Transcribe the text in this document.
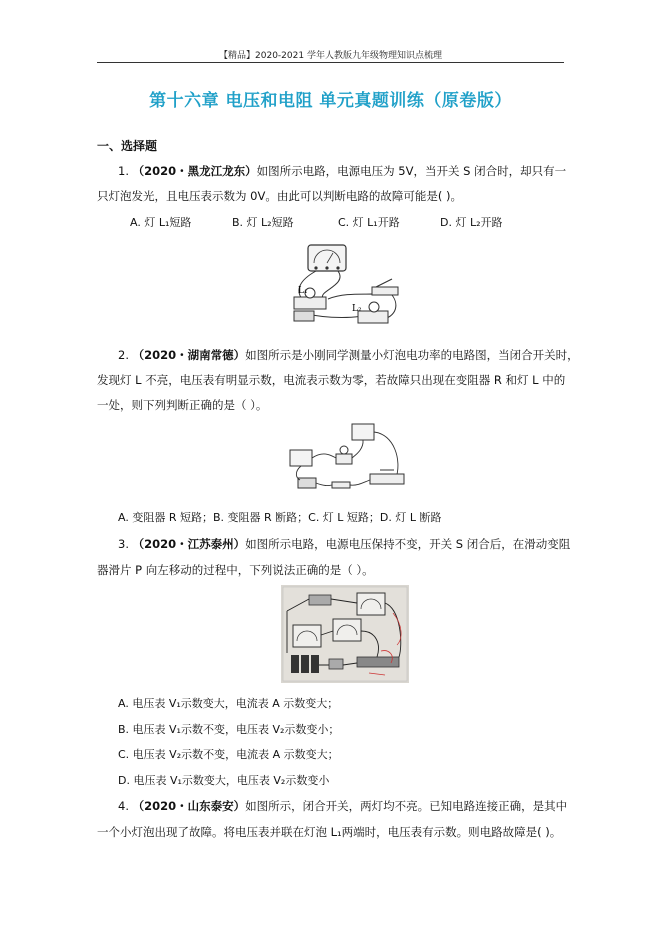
【精品】2020-2021 学年人教版九年级物理知识点梳理
第十六章 电压和电阻 单元真题训练（原卷版）
一、选择题
1. （2020・黑龙江龙东）如图所示电路，电源电压为 5V，当开关 S 闭合时，却只有一
只灯泡发光，且电压表示数为 0V。由此可以判断电路的故障可能是( )。
A. 灯 L₁短路	B. 灯 L₂短路	C. 灯 L₁开路	D. 灯 L₂开路
L₁
L₂
2. （2020・湖南常德）如图所示是小刚同学测量小灯泡电功率的电路图，当闭合开关时，
发现灯 L 不亮，电压表有明显示数，电流表示数为零，若故障只出现在变阻器 R 和灯 L 中的
一处，则下列判断正确的是（ ）。
A. 变阻器 R 短路；B. 变阻器 R 断路；C. 灯 L 短路；D. 灯 L 断路
3. （2020・江苏泰州）如图所示电路，电源电压保持不变，开关 S 闭合后，在滑动变阻
器滑片 P 向左移动的过程中，下列说法正确的是（ ）。
A. 电压表 V₁示数变大，电流表 A 示数变大；
B. 电压表 V₁示数不变，电压表 V₂示数变小；
C. 电压表 V₂示数不变，电流表 A 示数变大；
D. 电压表 V₁示数变大，电压表 V₂示数变小
4. （2020・山东泰安）如图所示，闭合开关，两灯均不亮。已知电路连接正确，是其中
一个小灯泡出现了故障。将电压表并联在灯泡 L₁两端时，电压表有示数。则电路故障是( )。
